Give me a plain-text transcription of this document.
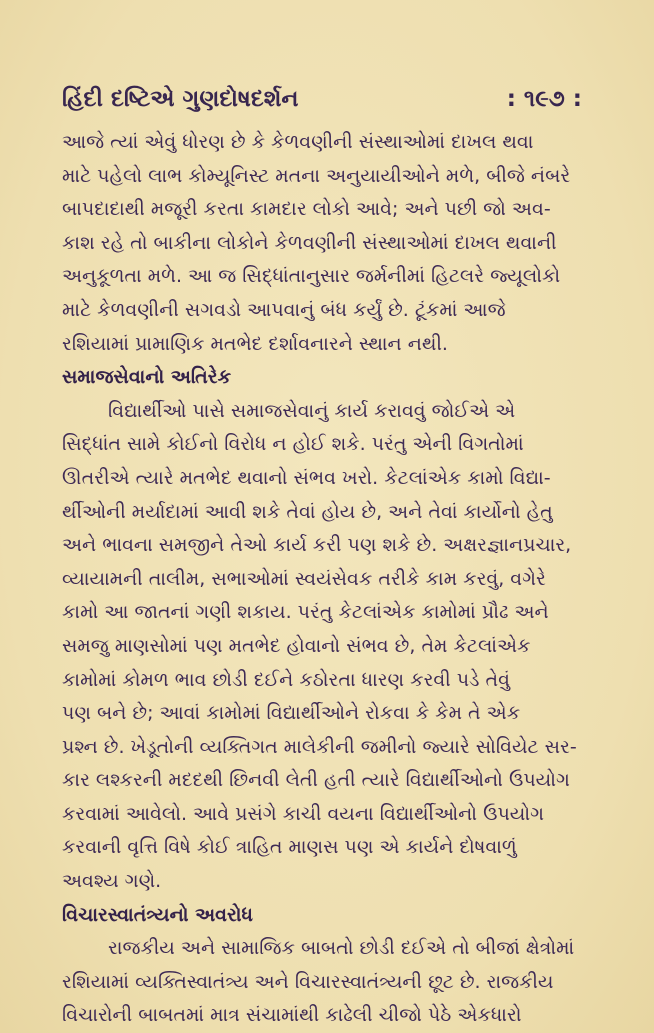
હિંદી દષ્ટિએ ગુણદોષદર્શન	: ૧૯૭ :
આજે ત્યાં એવું ધોરણ છે કે કેળવણીની સંસ્થાઓમાં દાખલ થવા
માટે પહેલો લાભ કોમ્યૂનિસ્ટ મતના અનુયાયીઓને મળે, બીજે નંબરે
બાપદાદાથી મજૂરી કરતા કામદાર લોકો આવે; અને પછી જો અવ-
કાશ રહે તો બાકીના લોકોને કેળવણીની સંસ્થાઓમાં દાખલ થવાની
અનુકૂળતા મળે. આ જ સિદ્ધાંતાનુસાર જર્મનીમાં હિટલરે જ્યૂલોકો
માટે કેળવણીની સગવડો આપવાનું બંધ કર્યું છે. ટૂંકમાં આજે
રશિયામાં પ્રામાણિક મતભેદ દર્શાવનારને સ્થાન નથી.
સમાજસેવાનો અતિરેક
વિદ્યાર્થીઓ પાસે સમાજસેવાનું કાર્ય કરાવવું જોઈએ એ
સિદ્ધાંત સામે કોઈનો વિરોધ ન હોઈ શકે. પરંતુ એની વિગતોમાં
ઊતરીએ ત્યારે મતભેદ થવાનો સંભવ ખરો. કેટલાંએક કામો વિદ્યા-
ર્થીઓની મર્યાદામાં આવી શકે તેવાં હોય છે, અને તેવાં કાર્યોનો હેતુ
અને ભાવના સમજીને તેઓ કાર્ય કરી પણ શકે છે. અક્ષરજ્ઞાનપ્રચાર,
વ્યાયામની તાલીમ, સભાઓમાં સ્વયંસેવક તરીકે કામ કરવું, વગેરે
કામો આ જાતનાં ગણી શકાય. પરંતુ કેટલાંએક કામોમાં પ્રૌઢ અને
સમજુ માણસોમાં પણ મતભેદ હોવાનો સંભવ છે, તેમ કેટલાંએક
કામોમાં કોમળ ભાવ છોડી દઈને કઠોરતા ધારણ કરવી પડે તેવું
પણ બને છે; આવાં કામોમાં વિદ્યાર્થીઓને રોકવા કે કેમ તે એક
પ્રશ્ન છે. ખેડૂતોની વ્યક્તિગત માલેકીની જમીનો જ્યારે સોવિયેટ સર-
કાર લશ્કરની મદદથી છિનવી લેતી હતી ત્યારે વિદ્યાર્થીઓનો ઉપયોગ
કરવામાં આવેલો. આવે પ્રસંગે કાચી વયના વિદ્યાર્થીઓનો ઉપયોગ
કરવાની વૃત્તિ વિષે કોઈ ત્રાહિત માણસ પણ એ કાર્યને દોષવાળું
અવશ્ય ગણે.
વિચારસ્વાતંત્ર્યનો અવરોધ
રાજકીય અને સામાજિક બાબતો છોડી દઈએ તો બીજાં ક્ષેત્રોમાં
રશિયામાં વ્યક્તિસ્વાતંત્ર્ય અને વિચારસ્વાતંત્ર્યની છૂટ છે. રાજકીય
વિચારોની બાબતમાં માત્ર સંચામાંથી કાઢેલી ચીજો પેઠે એકધારો
